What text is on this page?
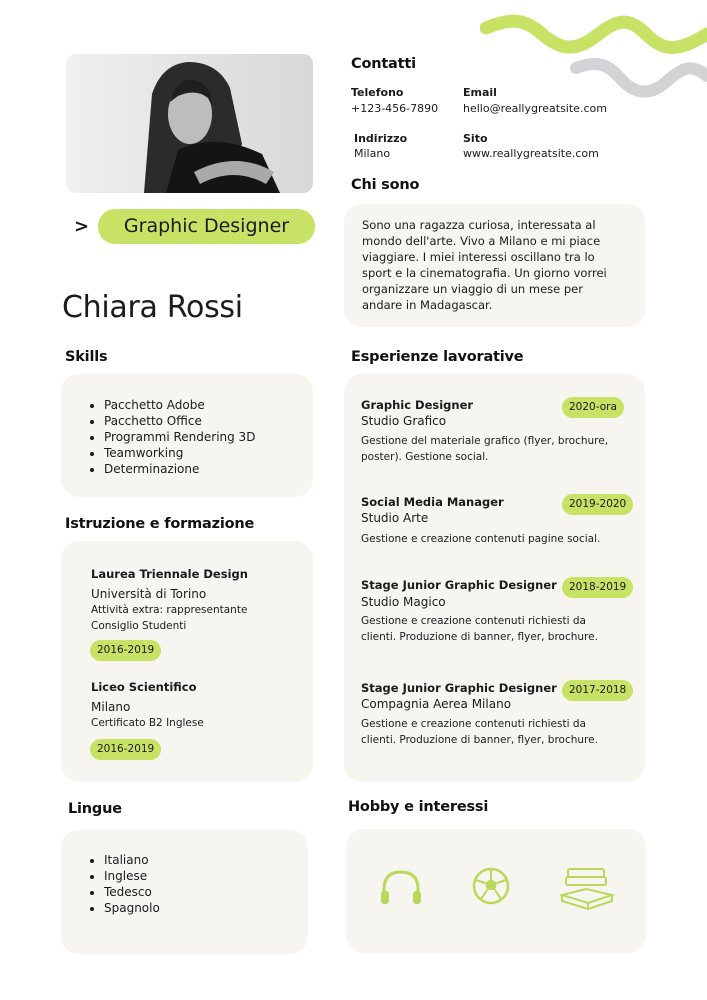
>	Graphic Designer
Chiara Rossi
Contatti
Telefono
+123-456-7890
Email
hello@reallygreatsite.com
Indirizzo
Milano
Sito
www.reallygreatsite.com
Chi sono
Sono una ragazza curiosa, interessata al mondo dell'arte. Vivo a Milano e mi piace viaggiare. I miei interessi oscillano tra lo sport e la cinematografia. Un giorno vorrei organizzare un viaggio di un mese per andare in Madagascar.
Skills
• Pacchetto Adobe
• Pacchetto Office
• Programmi Rendering 3D
• Teamworking
• Determinazione
Istruzione e formazione
Laurea Triennale Design
Università di Torino
Attività extra: rappresentante Consiglio Studenti
2016-2019
Liceo Scientifico
Milano
Certificato B2 Inglese
2016-2019
Esperienze lavorative
Graphic Designer	2020-ora
Studio Grafico
Gestione del materiale grafico (flyer, brochure, poster). Gestione social.
Social Media Manager	2019-2020
Studio Arte
Gestione e creazione contenuti pagine social.
Stage Junior Graphic Designer	2018-2019
Studio Magico
Gestione e creazione contenuti richiesti da clienti. Produzione di banner, flyer, brochure.
Stage Junior Graphic Designer	2017-2018
Compagnia Aerea Milano
Gestione e creazione contenuti richiesti da clienti. Produzione di banner, flyer, brochure.
Lingue
• Italiano
• Inglese
• Tedesco
• Spagnolo
Hobby e interessi
